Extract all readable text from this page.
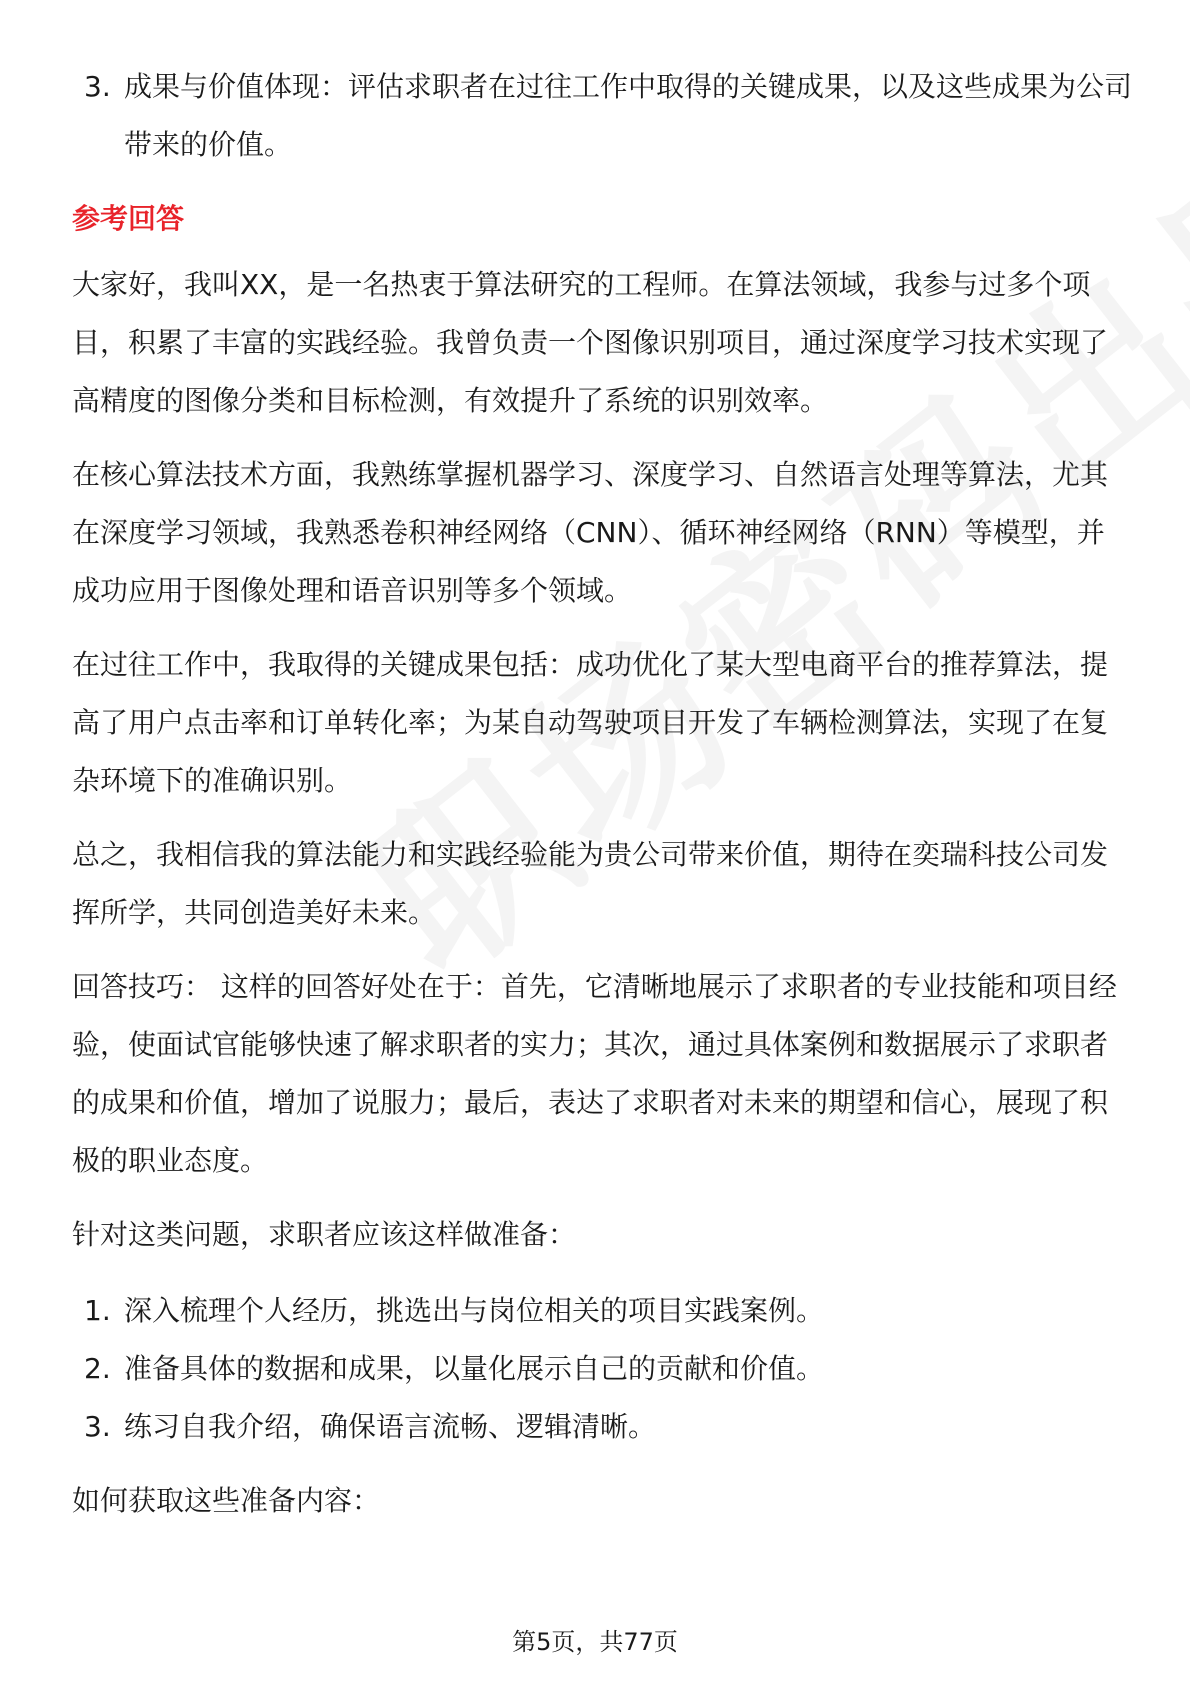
3. 成果与价值体现：评估求职者在过往工作中取得的关键成果，以及这些成果为公司带来的价值。
参考回答

大家好，我叫XX，是一名热衷于算法研究的工程师。在算法领域，我参与过多个项目，积累了丰富的实践经验。我曾负责一个图像识别项目，通过深度学习技术实现了高精度的图像分类和目标检测，有效提升了系统的识别效率。

在核心算法技术方面，我熟练掌握机器学习、深度学习、自然语言处理等算法，尤其在深度学习领域，我熟悉卷积神经网络（CNN）、循环神经网络（RNN）等模型，并成功应用于图像处理和语音识别等多个领域。

在过往工作中，我取得的关键成果包括：成功优化了某大型电商平台的推荐算法，提高了用户点击率和订单转化率；为某自动驾驶项目开发了车辆检测算法，实现了在复杂环境下的准确识别。

总之，我相信我的算法能力和实践经验能为贵公司带来价值，期待在奕瑞科技公司发挥所学，共同创造美好未来。

回答技巧： 这样的回答好处在于：首先，它清晰地展示了求职者的专业技能和项目经验，使面试官能够快速了解求职者的实力；其次，通过具体案例和数据展示了求职者的成果和价值，增加了说服力；最后，表达了求职者对未来的期望和信心，展现了积极的职业态度。

针对这类问题，求职者应该这样做准备：

1. 深入梳理个人经历，挑选出与岗位相关的项目实践案例。
2. 准备具体的数据和成果，以量化展示自己的贡献和价值。
3. 练习自我介绍，确保语言流畅、逻辑清晰。

如何获取这些准备内容：

第5页，共77页
